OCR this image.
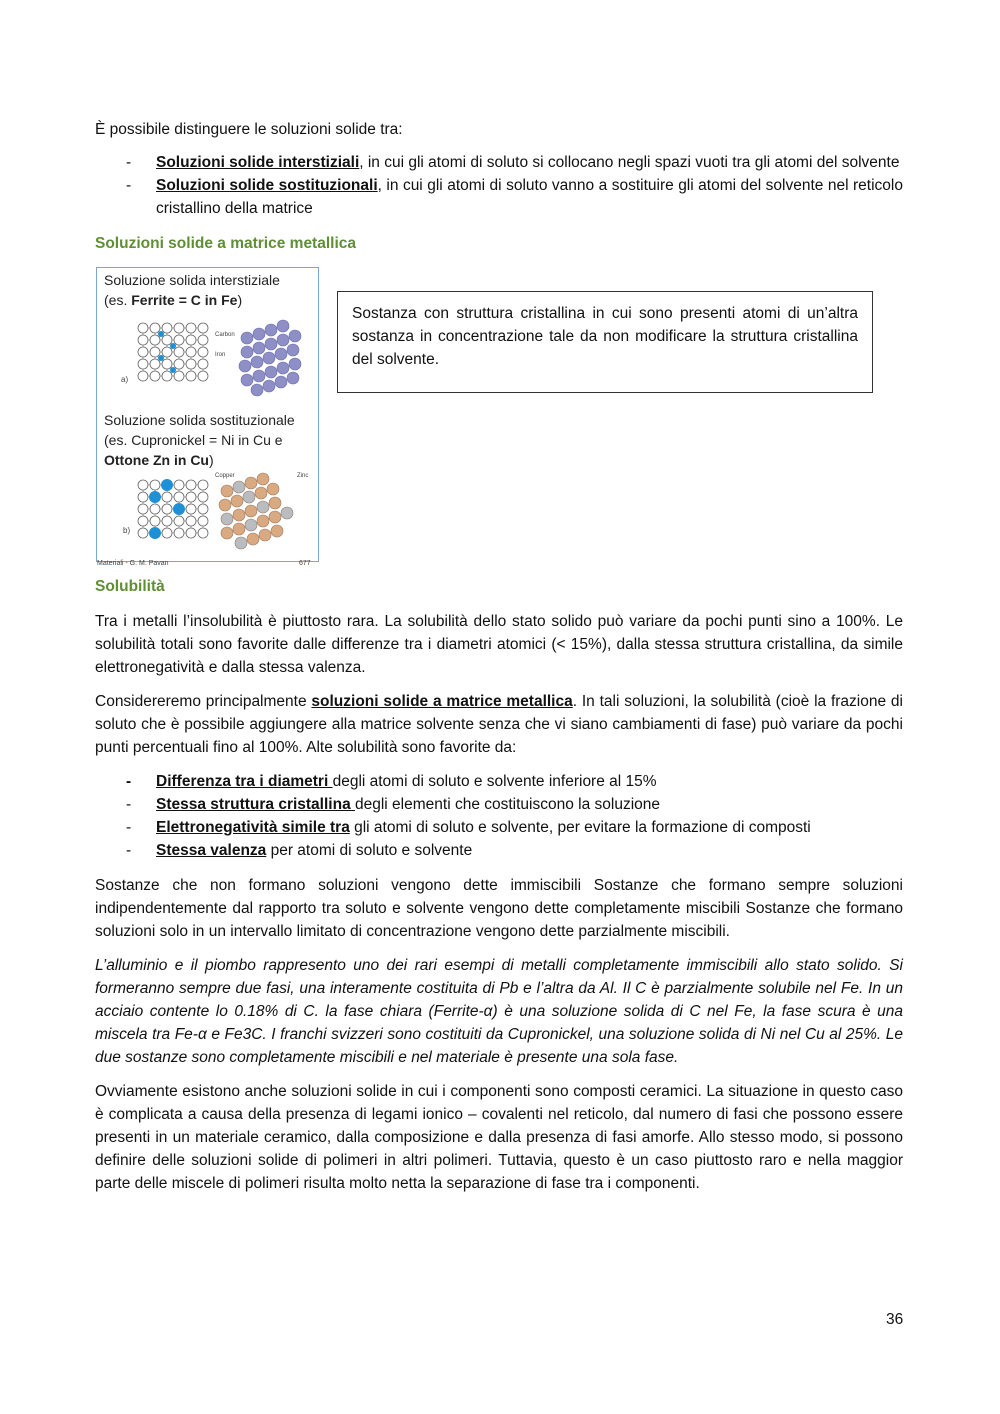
È possibile distinguere le soluzioni solide tra:

- Soluzioni solide interstiziali, in cui gli atomi di soluto si collocano negli spazi vuoti tra gli atomi del solvente
- Soluzioni solide sostituzionali, in cui gli atomi di soluto vanno a sostituire gli atomi del solvente nel reticolo cristallino della matrice
Soluzioni solide a matrice metallica
Soluzione solida interstiziale
(es. Ferrite = C in Fe)
Carbon
Iron
a)
Soluzione solida sostituzionale
(es. Cupronickel = Ni in Cu e
Ottone Zn in Cu)
Copper	Zinc
b)
Materiali - G. M. Pavan	677
Sostanza con struttura cristallina in cui sono presenti atomi di un’altra sostanza in concentrazione tale da non modificare la struttura cristallina del solvente.
Solubilità

Tra i metalli l’insolubilità è piuttosto rara. La solubilità dello stato solido può variare da pochi punti sino a 100%. Le solubilità totali sono favorite dalle differenze tra i diametri atomici (< 15%), dalla stessa struttura cristallina, da simile elettronegatività e dalla stessa valenza.

Considereremo principalmente soluzioni solide a matrice metallica. In tali soluzioni, la solubilità (cioè la frazione di soluto che è possibile aggiungere alla matrice solvente senza che vi siano cambiamenti di fase) può variare da pochi punti percentuali fino al 100%. Alte solubilità sono favorite da:

- Differenza tra i diametri degli atomi di soluto e solvente inferiore al 15%
- Stessa struttura cristallina degli elementi che costituiscono la soluzione
- Elettronegatività simile tra gli atomi di soluto e solvente, per evitare la formazione di composti
- Stessa valenza per atomi di soluto e solvente

Sostanze che non formano soluzioni vengono dette immiscibili Sostanze che formano sempre soluzioni indipendentemente dal rapporto tra soluto e solvente vengono dette completamente miscibili Sostanze che formano soluzioni solo in un intervallo limitato di concentrazione vengono dette parzialmente miscibili.

L’alluminio e il piombo rappresento uno dei rari esempi di metalli completamente immiscibili allo stato solido. Si formeranno sempre due fasi, una interamente costituita di Pb e l’altra da Al. Il C è parzialmente solubile nel Fe. In un acciaio contente lo 0.18% di C. la fase chiara (Ferrite-α) è una soluzione solida di C nel Fe, la fase scura è una miscela tra Fe-α e Fe3C. I franchi svizzeri sono costituiti da Cupronickel, una soluzione solida di Ni nel Cu al 25%. Le due sostanze sono completamente miscibili e nel materiale è presente una sola fase.

Ovviamente esistono anche soluzioni solide in cui i componenti sono composti ceramici. La situazione in questo caso è complicata a causa della presenza di legami ionico – covalenti nel reticolo, dal numero di fasi che possono essere presenti in un materiale ceramico, dalla composizione e dalla presenza di fasi amorfe. Allo stesso modo, si possono definire delle soluzioni solide di polimeri in altri polimeri. Tuttavia, questo è un caso piuttosto raro e nella maggior parte delle miscele di polimeri risulta molto netta la separazione di fase tra i componenti.

36
